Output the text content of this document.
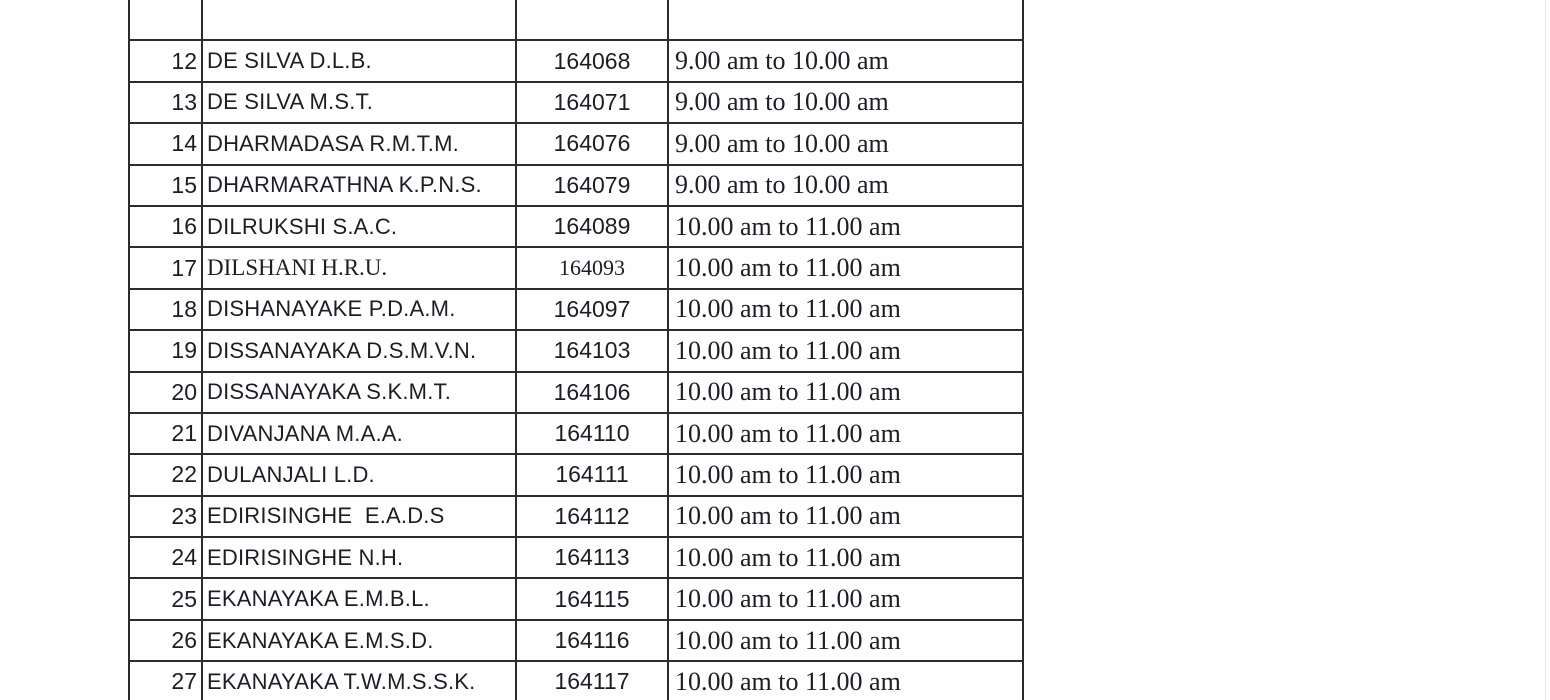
12	DE SILVA D.L.B.	164068	9.00 am to 10.00 am
13	DE SILVA M.S.T.	164071	9.00 am to 10.00 am
14	DHARMADASA R.M.T.M.	164076	9.00 am to 10.00 am
15	DHARMARATHNA K.P.N.S.	164079	9.00 am to 10.00 am
16	DILRUKSHI S.A.C.	164089	10.00 am to 11.00 am
17	DILSHANI H.R.U.	164093	10.00 am to 11.00 am
18	DISHANAYAKE P.D.A.M.	164097	10.00 am to 11.00 am
19	DISSANAYAKA D.S.M.V.N.	164103	10.00 am to 11.00 am
20	DISSANAYAKA S.K.M.T.	164106	10.00 am to 11.00 am
21	DIVANJANA M.A.A.	164110	10.00 am to 11.00 am
22	DULANJALI L.D.	164111	10.00 am to 11.00 am
23	EDIRISINGHE  E.A.D.S	164112	10.00 am to 11.00 am
24	EDIRISINGHE N.H.	164113	10.00 am to 11.00 am
25	EKANAYAKA E.M.B.L.	164115	10.00 am to 11.00 am
26	EKANAYAKA E.M.S.D.	164116	10.00 am to 11.00 am
27	EKANAYAKA T.W.M.S.S.K.	164117	10.00 am to 11.00 am
